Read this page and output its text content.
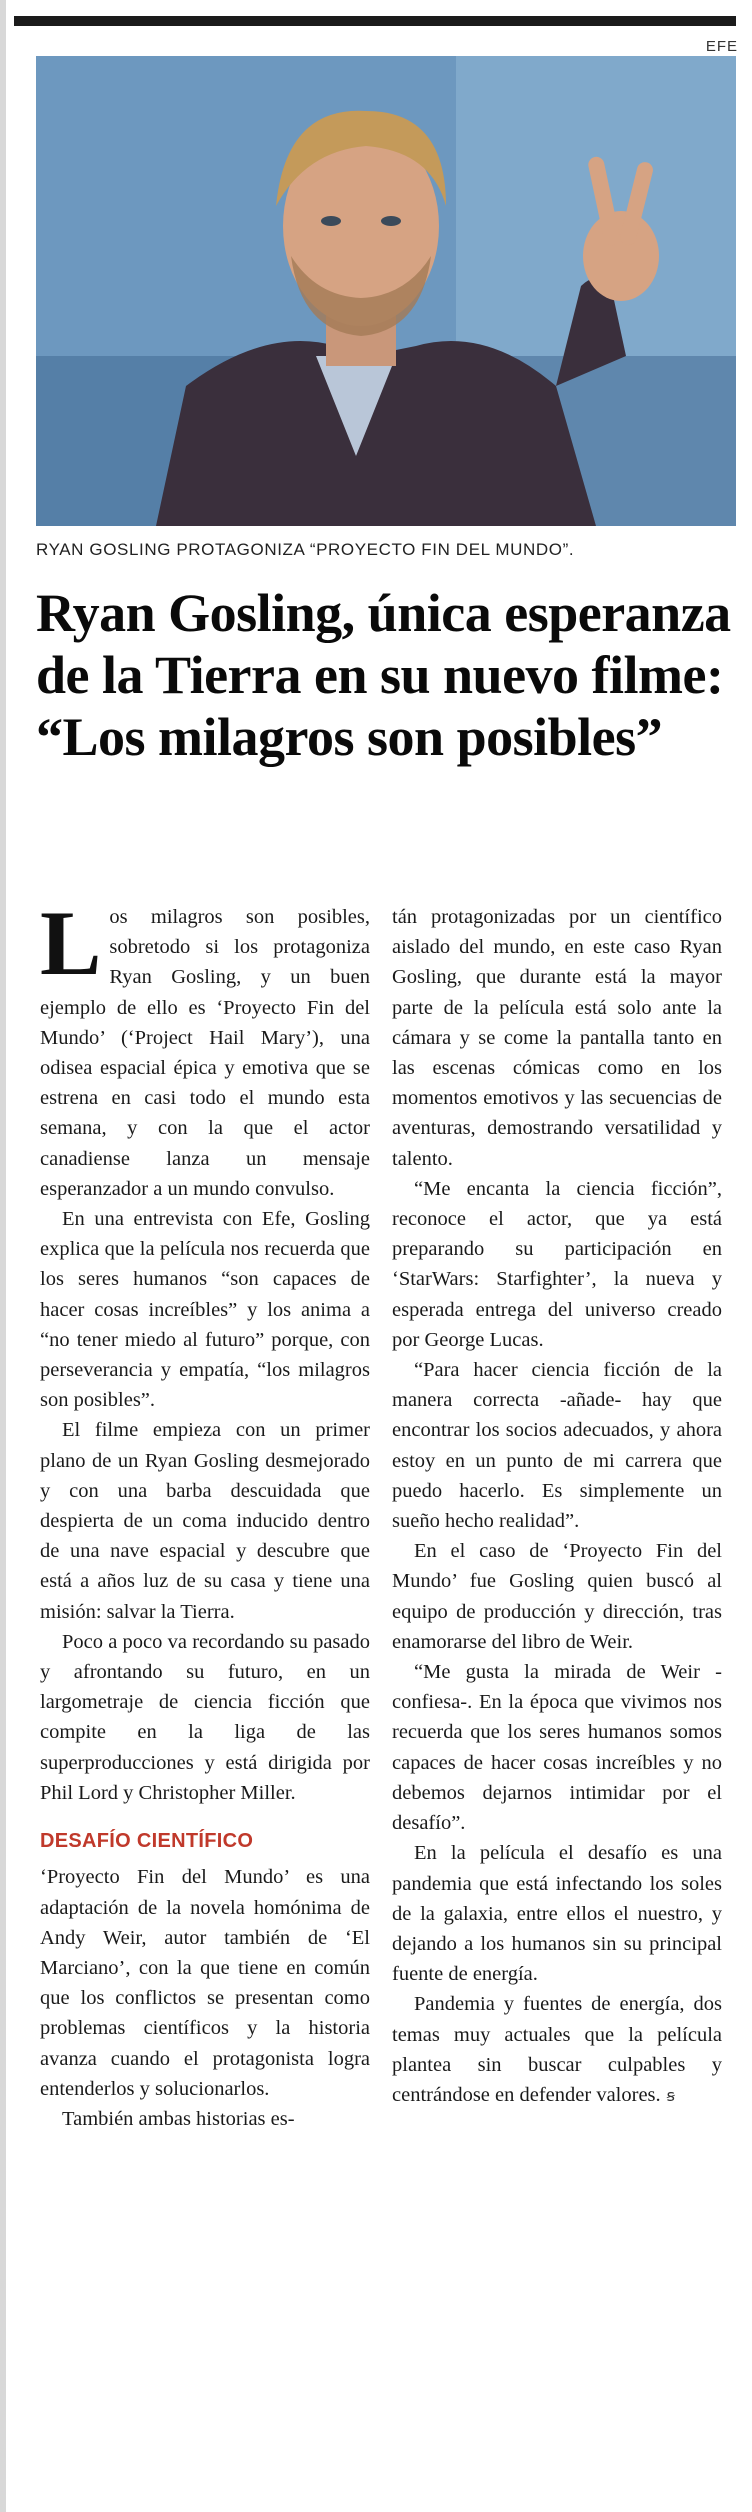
EFE
RYAN GOSLING PROTAGONIZA “PROYECTO FIN DEL MUNDO”.
Ryan Gosling, única esperanza de la Tierra en su nuevo filme: “Los milagros son posibles”

Los milagros son posibles, sobretodo si los protagoniza Ryan Gosling, y un buen ejemplo de ello es ‘Proyecto Fin del Mundo’ (‘Project Hail Mary’), una odisea espacial épica y emotiva que se estrena en casi todo el mundo esta semana, y con la que el actor canadiense lanza un mensaje esperanzador a un mundo convulso.

En una entrevista con Efe, Gosling explica que la película nos recuerda que los seres humanos “son capaces de hacer cosas increíbles” y los anima a “no tener miedo al futuro” porque, con perseverancia y empatía, “los milagros son posibles”.

El filme empieza con un primer plano de un Ryan Gosling desmejorado y con una barba descuidada que despierta de un coma inducido dentro de una nave espacial y descubre que está a años luz de su casa y tiene una misión: salvar la Tierra.

Poco a poco va recordando su pasado y afrontando su futuro, en un largometraje de ciencia ficción que compite en la liga de las superproducciones y está dirigida por Phil Lord y Christopher Miller.

DESAFÍO CIENTÍFICO

‘Proyecto Fin del Mundo’ es una adaptación de la novela homónima de Andy Weir, autor también de ‘El Marciano’, con la que tiene en común que los conflictos se presentan como problemas científicos y la historia avanza cuando el protagonista logra entenderlos y solucionarlos.

También ambas historias es-

tán protagonizadas por un científico aislado del mundo, en este caso Ryan Gosling, que durante está la mayor parte de la película está solo ante la cámara y se come la pantalla tanto en las escenas cómicas como en los momentos emotivos y las secuencias de aventuras, demostrando versatilidad y talento.

“Me encanta la ciencia ficción”, reconoce el actor, que ya está preparando su participación en ‘StarWars: Starfighter’, la nueva y esperada entrega del universo creado por George Lucas.

“Para hacer ciencia ficción de la manera correcta -añade- hay que encontrar los socios adecuados, y ahora estoy en un punto de mi carrera que puedo hacerlo. Es simplemente un sueño hecho realidad”.

En el caso de ‘Proyecto Fin del Mundo’ fue Gosling quien buscó al equipo de producción y dirección, tras enamorarse del libro de Weir.

“Me gusta la mirada de Weir -confiesa-. En la época que vivimos nos recuerda que los seres humanos somos capaces de hacer cosas increíbles y no debemos dejarnos intimidar por el desafío”.

En la película el desafío es una pandemia que está infectando los soles de la galaxia, entre ellos el nuestro, y dejando a los humanos sin su principal fuente de energía.

Pandemia y fuentes de energía, dos temas muy actuales que la película plantea sin buscar culpables y centrándose en defender valores. ꞩ
